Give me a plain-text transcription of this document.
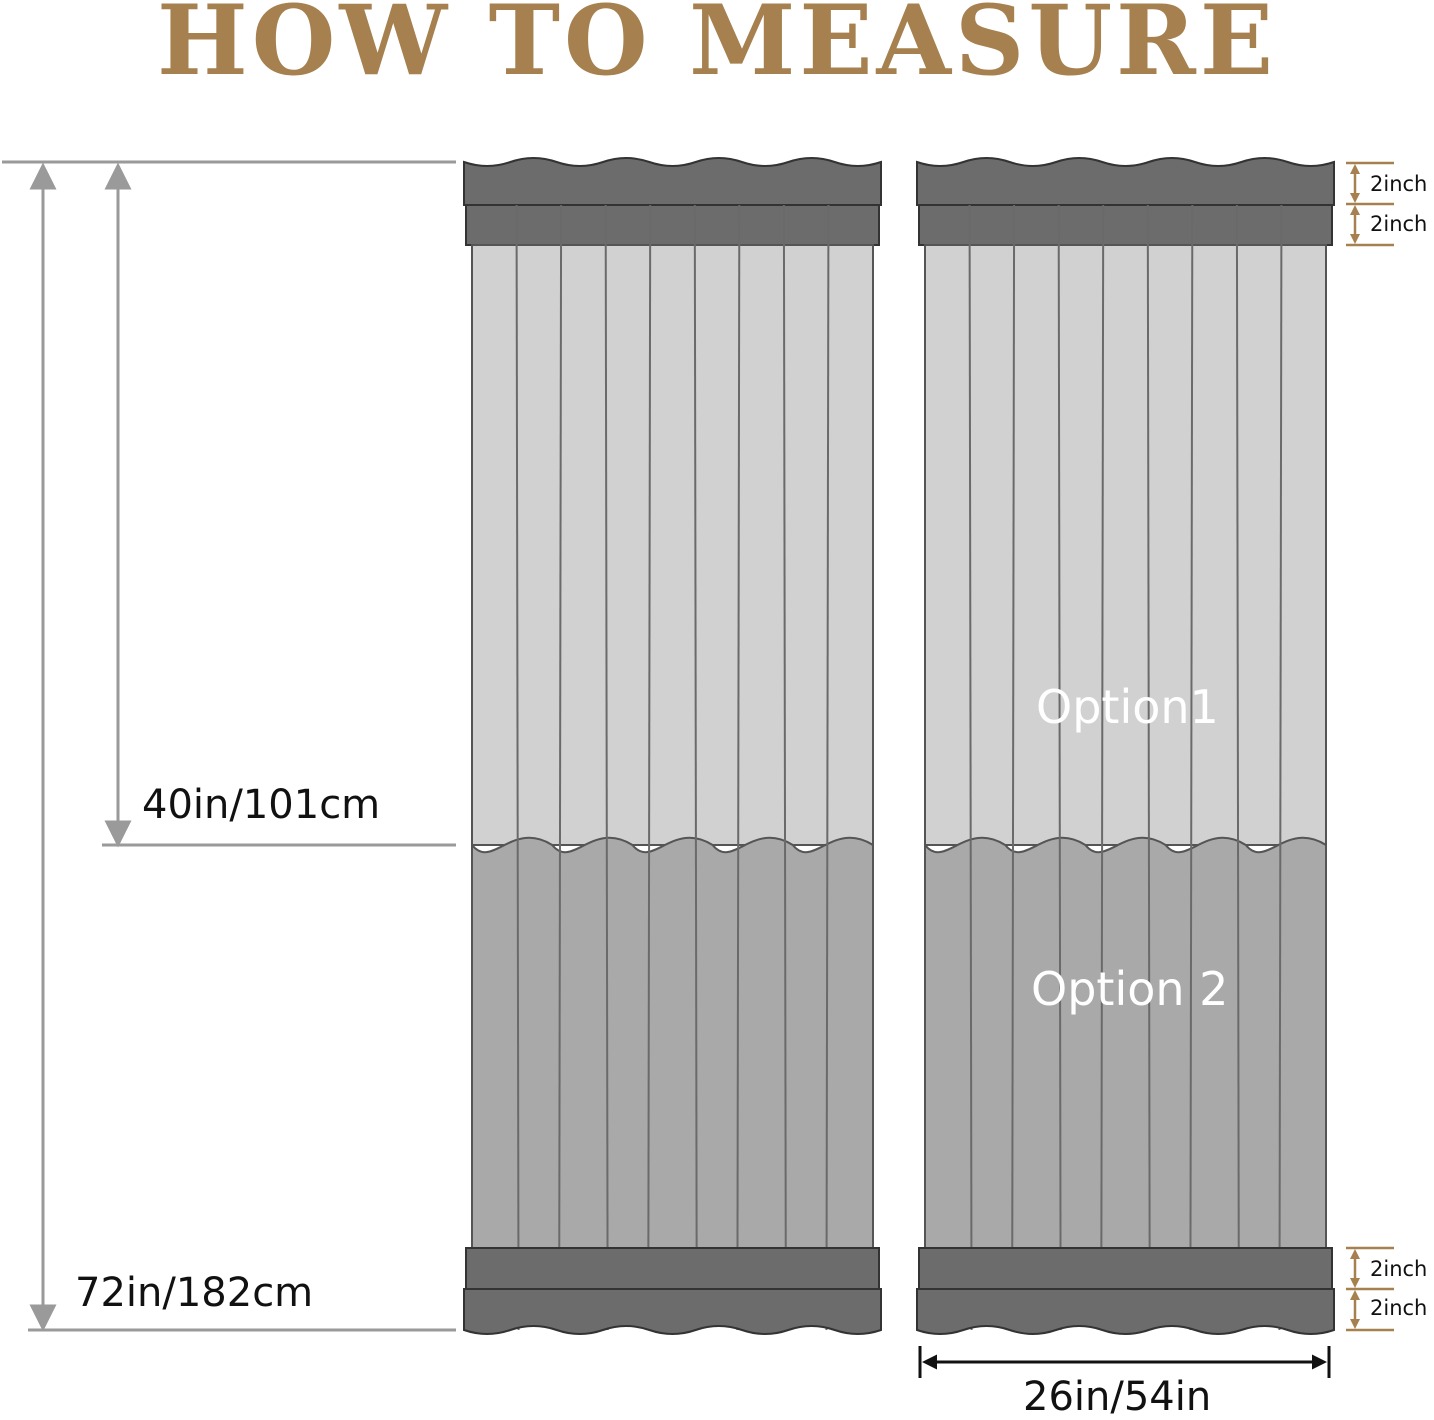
HOW TO MEASURE
40in/101cm
72in/182cm
Option1
Option 2
2inch
2inch
2inch
2inch
26in/54in
